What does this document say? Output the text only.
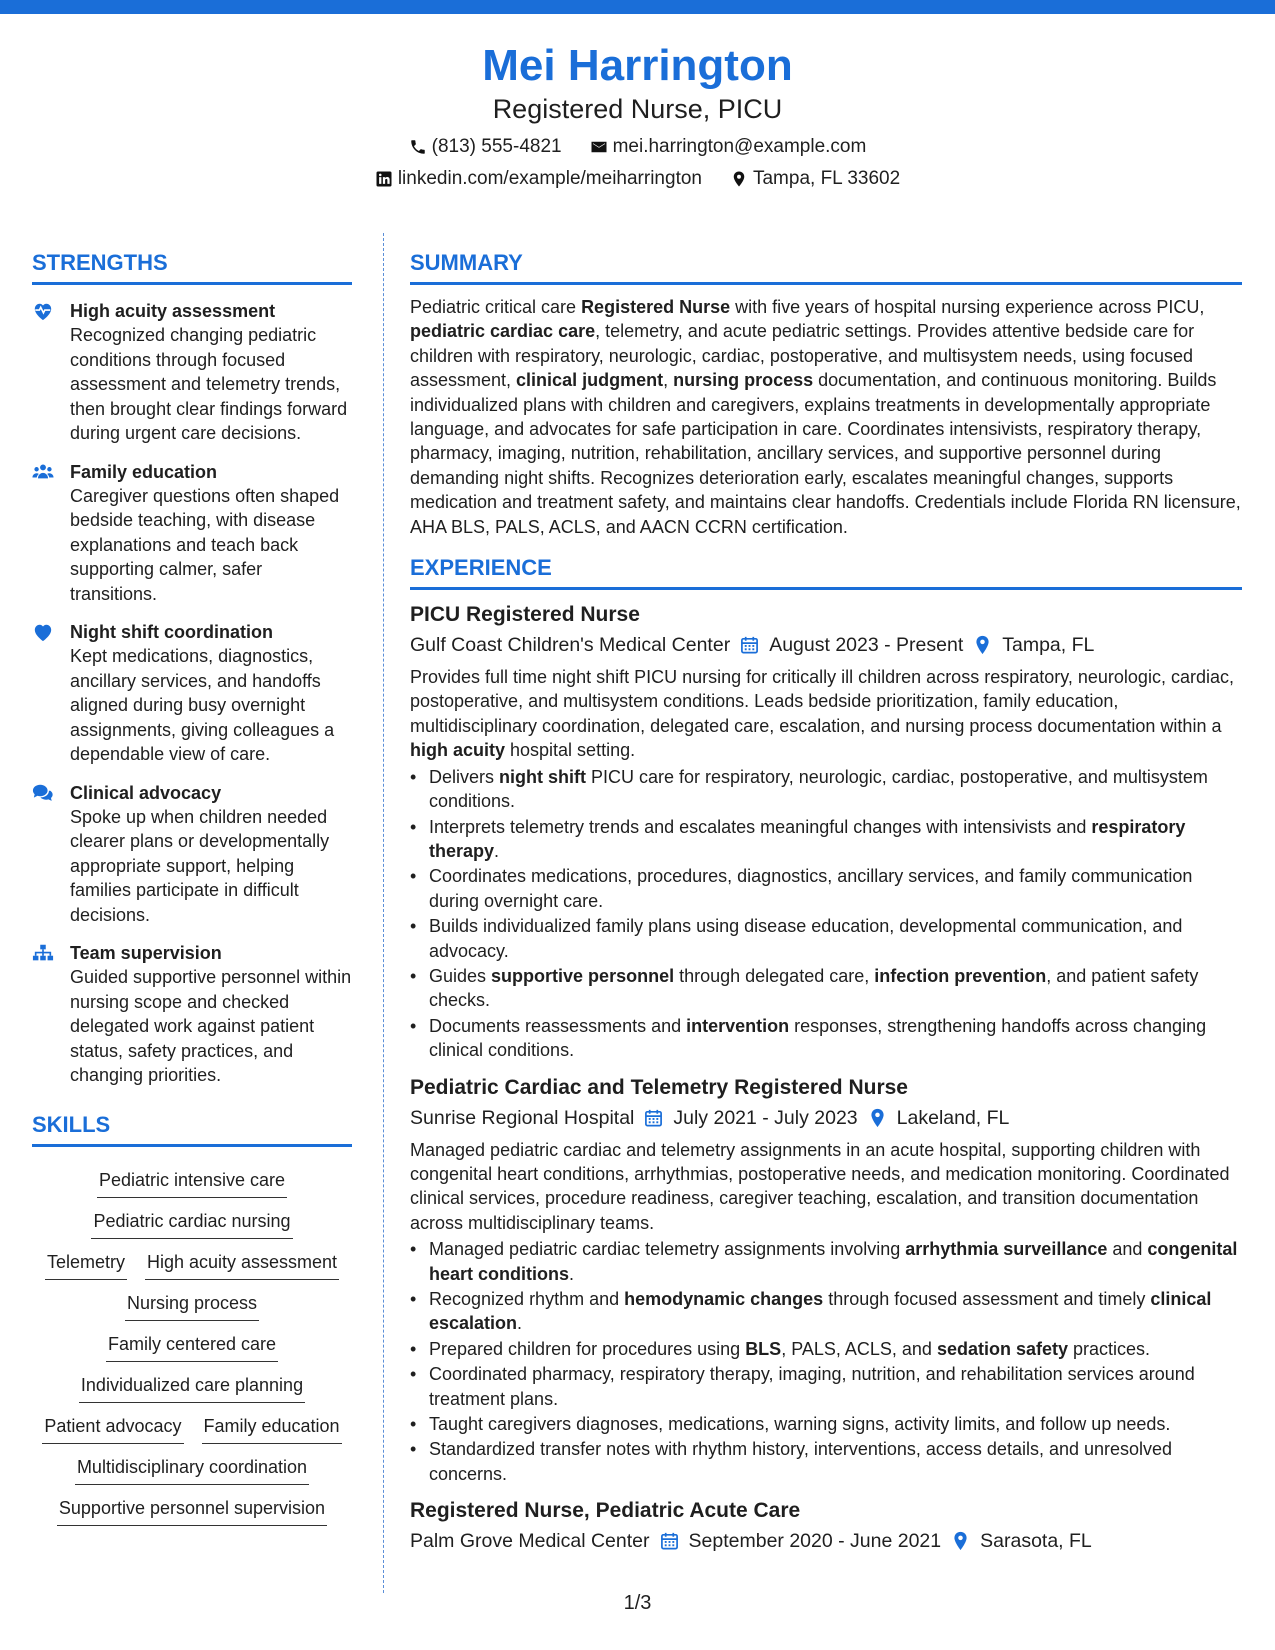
Mei Harrington
Registered Nurse, PICU
(813) 555-4821	mei.harrington@example.com
linkedin.com/example/meiharrington	Tampa, FL 33602
STRENGTHS
High acuity assessment

Recognized changing pediatric conditions through focused assessment and telemetry trends, then brought clear findings forward during urgent care decisions.

Family education

Caregiver questions often shaped bedside teaching, with disease explanations and teach back supporting calmer, safer transitions.

Night shift coordination

Kept medications, diagnostics, ancillary services, and handoffs aligned during busy overnight assignments, giving colleagues a dependable view of care.

Clinical advocacy

Spoke up when children needed clearer plans or developmentally appropriate support, helping families participate in difficult decisions.

Team supervision

Guided supportive personnel within nursing scope and checked delegated work against patient status, safety practices, and changing priorities.

SKILLS
Pediatric intensive care
Pediatric cardiac nursing
Telemetry High acuity assessment
Nursing process
Family centered care
Individualized care planning
Patient advocacy Family education
Multidisciplinary coordination
Supportive personnel supervision
SUMMARY

Pediatric critical care Registered Nurse with five years of hospital nursing experience across PICU, pediatric cardiac care, telemetry, and acute pediatric settings. Provides attentive bedside care for children with respiratory, neurologic, cardiac, postoperative, and multisystem needs, using focused assessment, clinical judgment, nursing process documentation, and continuous monitoring. Builds individualized plans with children and caregivers, explains treatments in developmentally appropriate language, and advocates for safe participation in care. Coordinates intensivists, respiratory therapy, pharmacy, imaging, nutrition, rehabilitation, ancillary services, and supportive personnel during demanding night shifts. Recognizes deterioration early, escalates meaningful changes, supports medication and treatment safety, and maintains clear handoffs. Credentials include Florida RN licensure, AHA BLS, PALS, ACLS, and AACN CCRN certification.

EXPERIENCE
PICU Registered Nurse
Gulf Coast Children's Medical Center August 2023 - Present Tampa, FL

Provides full time night shift PICU nursing for critically ill children across respiratory, neurologic, cardiac, postoperative, and multisystem conditions. Leads bedside prioritization, family education, multidisciplinary coordination, delegated care, escalation, and nursing process documentation within a high acuity hospital setting.

• Delivers night shift PICU care for respiratory, neurologic, cardiac, postoperative, and multisystem conditions.
• Interprets telemetry trends and escalates meaningful changes with intensivists and respiratory therapy.
• Coordinates medications, procedures, diagnostics, ancillary services, and family communication during overnight care.
• Builds individualized family plans using disease education, developmental communication, and advocacy.
• Guides supportive personnel through delegated care, infection prevention, and patient safety checks.
• Documents reassessments and intervention responses, strengthening handoffs across changing clinical conditions.
Pediatric Cardiac and Telemetry Registered Nurse
Sunrise Regional Hospital July 2021 - July 2023 Lakeland, FL

Managed pediatric cardiac and telemetry assignments in an acute hospital, supporting children with congenital heart conditions, arrhythmias, postoperative needs, and medication monitoring. Coordinated clinical services, procedure readiness, caregiver teaching, escalation, and transition documentation across multidisciplinary teams.

• Managed pediatric cardiac telemetry assignments involving arrhythmia surveillance and congenital heart conditions.
• Recognized rhythm and hemodynamic changes through focused assessment and timely clinical escalation.
• Prepared children for procedures using BLS, PALS, ACLS, and sedation safety practices.
• Coordinated pharmacy, respiratory therapy, imaging, nutrition, and rehabilitation services around treatment plans.
• Taught caregivers diagnoses, medications, warning signs, activity limits, and follow up needs.
• Standardized transfer notes with rhythm history, interventions, access details, and unresolved concerns.
Registered Nurse, Pediatric Acute Care
Palm Grove Medical Center September 2020 - June 2021 Sarasota, FL
1/3
